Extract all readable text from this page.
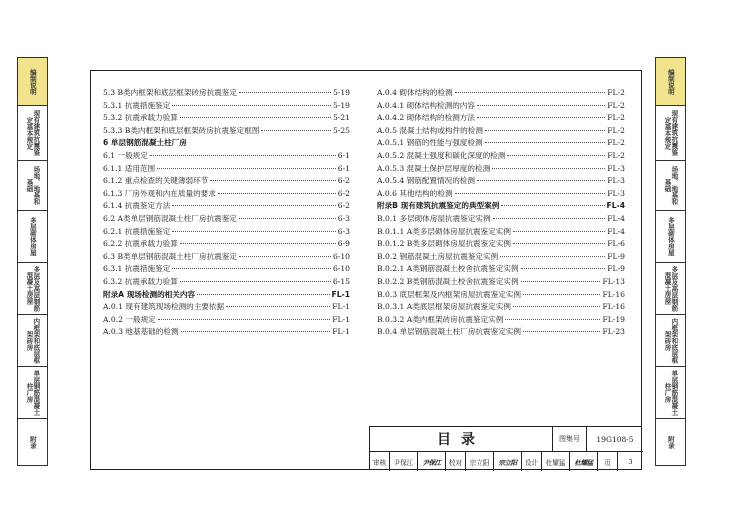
编制说明
现有建筑抗震鉴定基本规定
场地、地基和基础
多层砌体房屋
多层及高层钢筋混凝土房屋
内框架和底层框架砖房
单层钢筋混凝土柱厂房
附录
编制说明
现有建筑抗震鉴定基本规定
场地、地基和基础
多层砌体房屋
多层及高层钢筋混凝土房屋
内框架和底层框架砖房
单层钢筋混凝土柱厂房
附录
5.3 B类内框架和底层框架砖房抗震鉴定	5-19
5.3.1 抗震措施鉴定	5-19
5.3.2 抗震承载力验算	5-21
5.3.3 B类内框架和底层框架砖房抗震鉴定框图	5-25
6 单层钢筋混凝土柱厂房
6.1 一般规定	6-1
6.1.1 适用范围	6-1
6.1.2 重点检查的关键薄弱环节	6-2
6.1.3 厂房外观和内在质量的要求	6-2
6.1.4 抗震鉴定方法	6-2
6.2 A类单层钢筋混凝土柱厂房抗震鉴定	6-3
6.2.1 抗震措施鉴定	6-3
6.2.2 抗震承载力验算	6-9
6.3 B类单层钢筋混凝土柱厂房抗震鉴定	6-10
6.3.1 抗震措施鉴定	6-10
6.3.2 抗震承载力验算	6-15
附录A 现场检测的相关内容	FL-1
A.0.1 现有建筑现场检测的主要依据	FL-1
A.0.2 一般规定	FL-1
A.0.3 地基基础的检测	FL-1
A.0.4 砌体结构的检测	FL-2
A.0.4.1 砌体结构检测的内容	FL-2
A.0.4.2 砌体结构的检测方法	FL-2
A.0.5 混凝土结构或构件的检测	FL-2
A.0.5.1 钢筋的性能与强度检测	FL-2
A.0.5.2 混凝土强度和碳化深度的检测	FL-2
A.0.5.3 混凝土保护层厚度的检测	FL-3
A.0.5.4 钢筋配置情况的检测	FL-3
A.0.6 其他结构的检测	FL-3
附录B 现有建筑抗震鉴定的典型案例	FL-4
B.0.1 多层砌体房屋抗震鉴定实例	FL-4
B.0.1.1 A类多层砌体房屋抗震鉴定实例	FL-4
B.0.1.2 B类多层砌体房屋抗震鉴定实例	FL-6
B.0.2 钢筋混凝土房屋抗震鉴定实例	FL-9
B.0.2.1 A类钢筋混凝土校舍抗震鉴定实例	FL-9
B.0.2.2 B类钢筋混凝土校舍抗震鉴定实例	FL-13
B.0.3 底层框架及内框架房屋抗震鉴定实例	FL-16
B.0.3.1 A类底层框架房屋抗震鉴定实例	FL-16
B.0.3.2 A类内框架砖房抗震鉴定实例	FL-19
B.0.4 单层钢筋混凝土柱厂房抗震鉴定实例	FL-23
目录	图集号	19G108-5
审核	尹保江	尹保江	校对	宗立阳	宗立阳	设计	杜耀猛	杜耀猛	页	3
